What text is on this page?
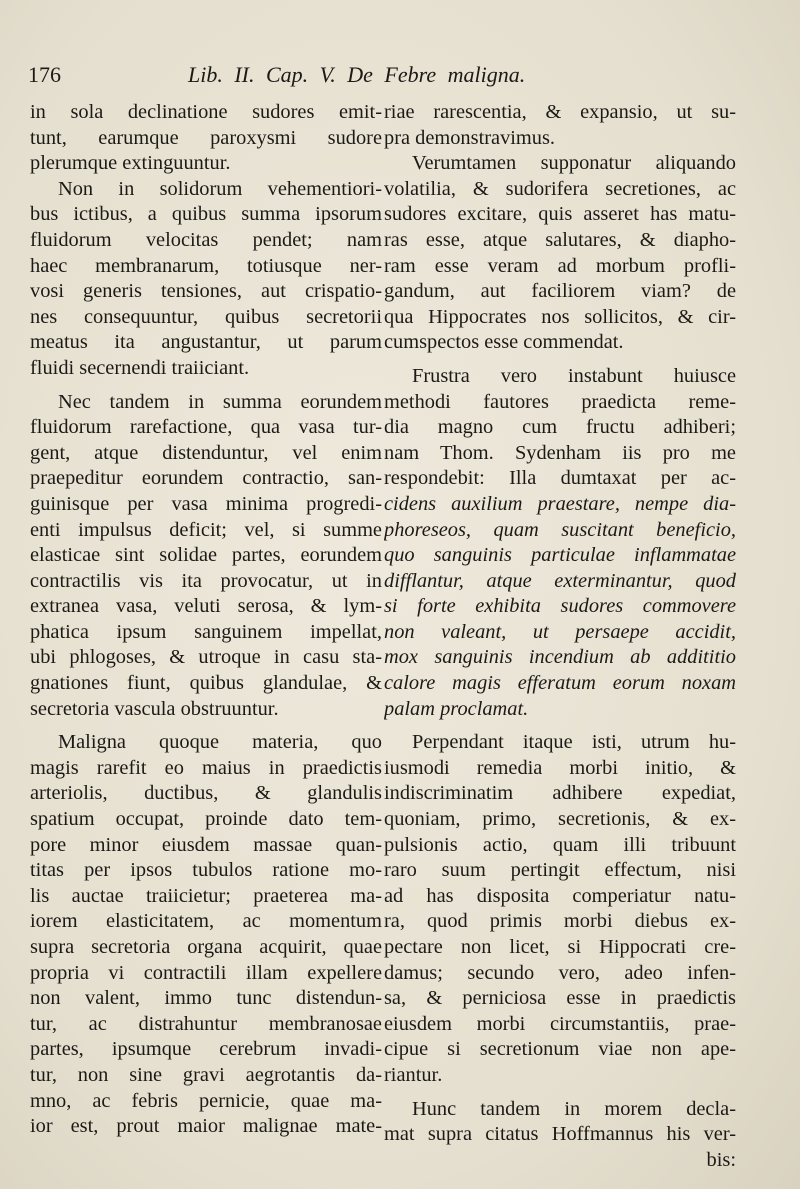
176	Lib. II. Cap. V. De Febre maligna.
in sola declinatione sudores emit-
tunt, earumque paroxysmi sudore
plerumque extinguuntur.
Non in solidorum vehementiori-
bus ictibus, a quibus summa ipsorum
fluidorum velocitas pendet; nam
haec membranarum, totiusque ner-
vosi generis tensiones, aut crispatio-
nes consequuntur, quibus secretorii
meatus ita angustantur, ut parum
fluidi secernendi traiiciant.
Nec tandem in summa eorundem
fluidorum rarefactione, qua vasa tur-
gent, atque distenduntur, vel enim
praepeditur eorundem contractio, san-
guinisque per vasa minima progredi-
enti impulsus deficit; vel, si summe
elasticae sint solidae partes, eorundem
contractilis vis ita provocatur, ut in
extranea vasa, veluti serosa, & lym-
phatica ipsum sanguinem impellat,
ubi phlogoses, & utroque in casu sta-
gnationes fiunt, quibus glandulae, &
secretoria vascula obstruuntur.
Maligna quoque materia, quo
magis rarefit eo maius in praedictis
arteriolis, ductibus, & glandulis
spatium occupat, proinde dato tem-
pore minor eiusdem massae quan-
titas per ipsos tubulos ratione mo-
lis auctae traiicietur; praeterea ma-
iorem elasticitatem, ac momentum
supra secretoria organa acquirit, quae
propria vi contractili illam expellere
non valent, immo tunc distendun-
tur, ac distrahuntur membranosae
partes, ipsumque cerebrum invadi-
tur, non sine gravi aegrotantis da-
mno, ac febris pernicie, quae ma-
ior est, prout maior malignae mate-
riae rarescentia, & expansio, ut su-
pra demonstravimus.
Verumtamen supponatur aliquando
volatilia, & sudorifera secretiones, ac
sudores excitare, quis asseret has matu-
ras esse, atque salutares, & diapho-
ram esse veram ad morbum profli-
gandum, aut faciliorem viam? de
qua Hippocrates nos sollicitos, & cir-
cumspectos esse commendat.
Frustra vero instabunt huiusce
methodi fautores praedicta reme-
dia magno cum fructu adhiberi;
nam Thom. Sydenham iis pro me
respondebit: Illa dumtaxat per ac-
cidens auxilium praestare, nempe dia-
phoreseos, quam suscitant beneficio,
quo sanguinis particulae inflammatae
difflantur, atque exterminantur, quod
si forte exhibita sudores commovere
non valeant, ut persaepe accidit,
mox sanguinis incendium ab addititio
calore magis efferatum eorum noxam
palam proclamat.
Perpendant itaque isti, utrum hu-
iusmodi remedia morbi initio, &
indiscriminatim adhibere expediat,
quoniam, primo, secretionis, & ex-
pulsionis actio, quam illi tribuunt
raro suum pertingit effectum, nisi
ad has disposita comperiatur natu-
ra, quod primis morbi diebus ex-
pectare non licet, si Hippocrati cre-
damus; secundo vero, adeo infen-
sa, & perniciosa esse in praedictis
eiusdem morbi circumstantiis, prae-
cipue si secretionum viae non ape-
riantur.
Hunc tandem in morem decla-
mat supra citatus Hoffmannus his ver-
bis:
